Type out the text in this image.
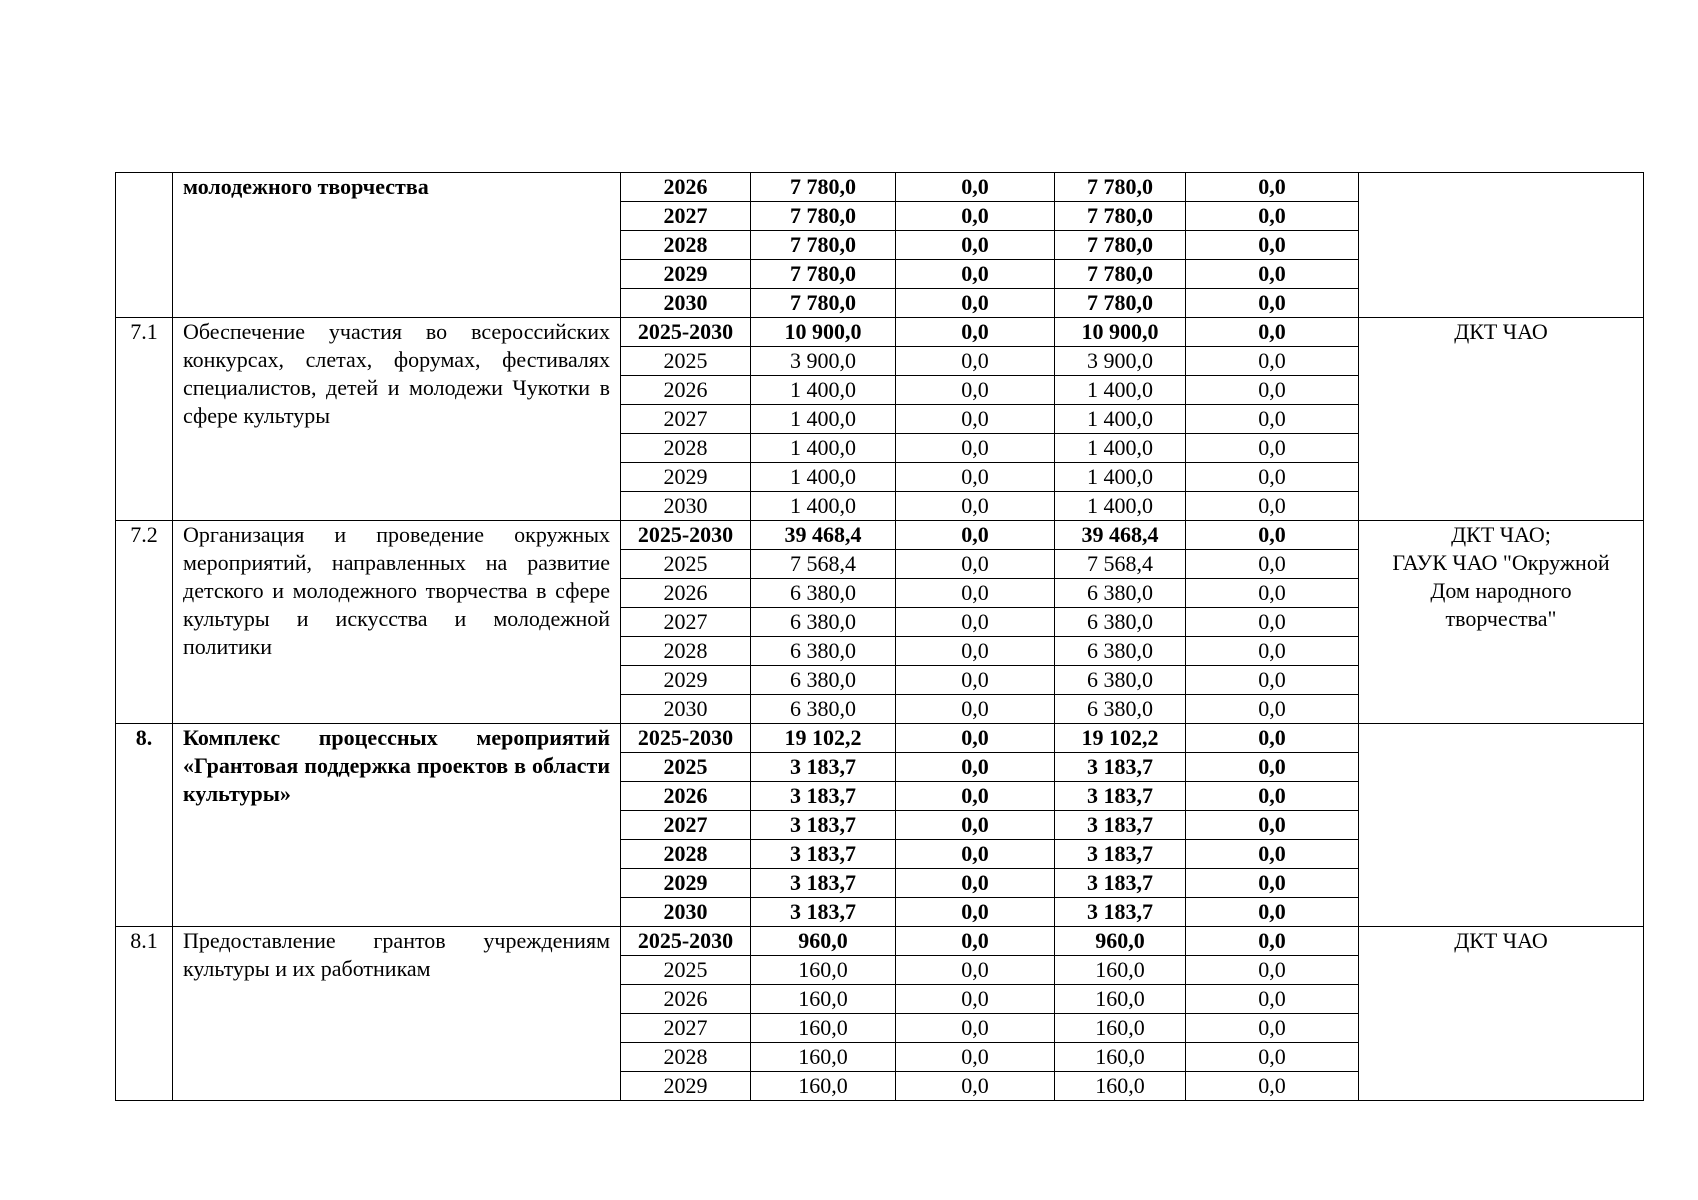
	молодежного творчества	2026	7 780,0	0,0	7 780,0	0,0	
		2027	7 780,0	0,0	7 780,0	0,0	
		2028	7 780,0	0,0	7 780,0	0,0	
		2029	7 780,0	0,0	7 780,0	0,0	
		2030	7 780,0	0,0	7 780,0	0,0	
7.1	Обеспечение участия во всероссийских конкурсах, слетах, форумах, фестивалях специалистов, детей и молодежи Чукотки в сфере культуры	2025-2030	10 900,0	0,0	10 900,0	0,0	ДКТ ЧАО

		2025	3 900,0	0,0	3 900,0	0,0	
		2026	1 400,0	0,0	1 400,0	0,0	
		2027	1 400,0	0,0	1 400,0	0,0	
		2028	1 400,0	0,0	1 400,0	0,0	
		2029	1 400,0	0,0	1 400,0	0,0	
		2030	1 400,0	0,0	1 400,0	0,0	
7.2	Организация и проведение окружных мероприятий, направленных на развитие детского и молодежного творчества в сфере культуры и искусства и молодежной политики	2025-2030	39 468,4	0,0	39 468,4	0,0	ДКТ ЧАО;
ГАУК ЧАО "Окружной
Дом народного
творчества"

		2025	7 568,4	0,0	7 568,4	0,0	
		2026	6 380,0	0,0	6 380,0	0,0	
		2027	6 380,0	0,0	6 380,0	0,0	
		2028	6 380,0	0,0	6 380,0	0,0	
		2029	6 380,0	0,0	6 380,0	0,0	
		2030	6 380,0	0,0	6 380,0	0,0	
8.	Комплекс процессных мероприятий «Грантовая поддержка проектов в области культуры»	2025-2030	19 102,2	0,0	19 102,2	0,0	
		2025	3 183,7	0,0	3 183,7	0,0	
		2026	3 183,7	0,0	3 183,7	0,0	
		2027	3 183,7	0,0	3 183,7	0,0	
		2028	3 183,7	0,0	3 183,7	0,0	
		2029	3 183,7	0,0	3 183,7	0,0	
		2030	3 183,7	0,0	3 183,7	0,0	
8.1	Предоставление грантов учреждениям культуры и их работникам	2025-2030	960,0	0,0	960,0	0,0	ДКТ ЧАО

		2025	160,0	0,0	160,0	0,0	
		2026	160,0	0,0	160,0	0,0	
		2027	160,0	0,0	160,0	0,0	
		2028	160,0	0,0	160,0	0,0	
		2029	160,0	0,0	160,0	0,0	
